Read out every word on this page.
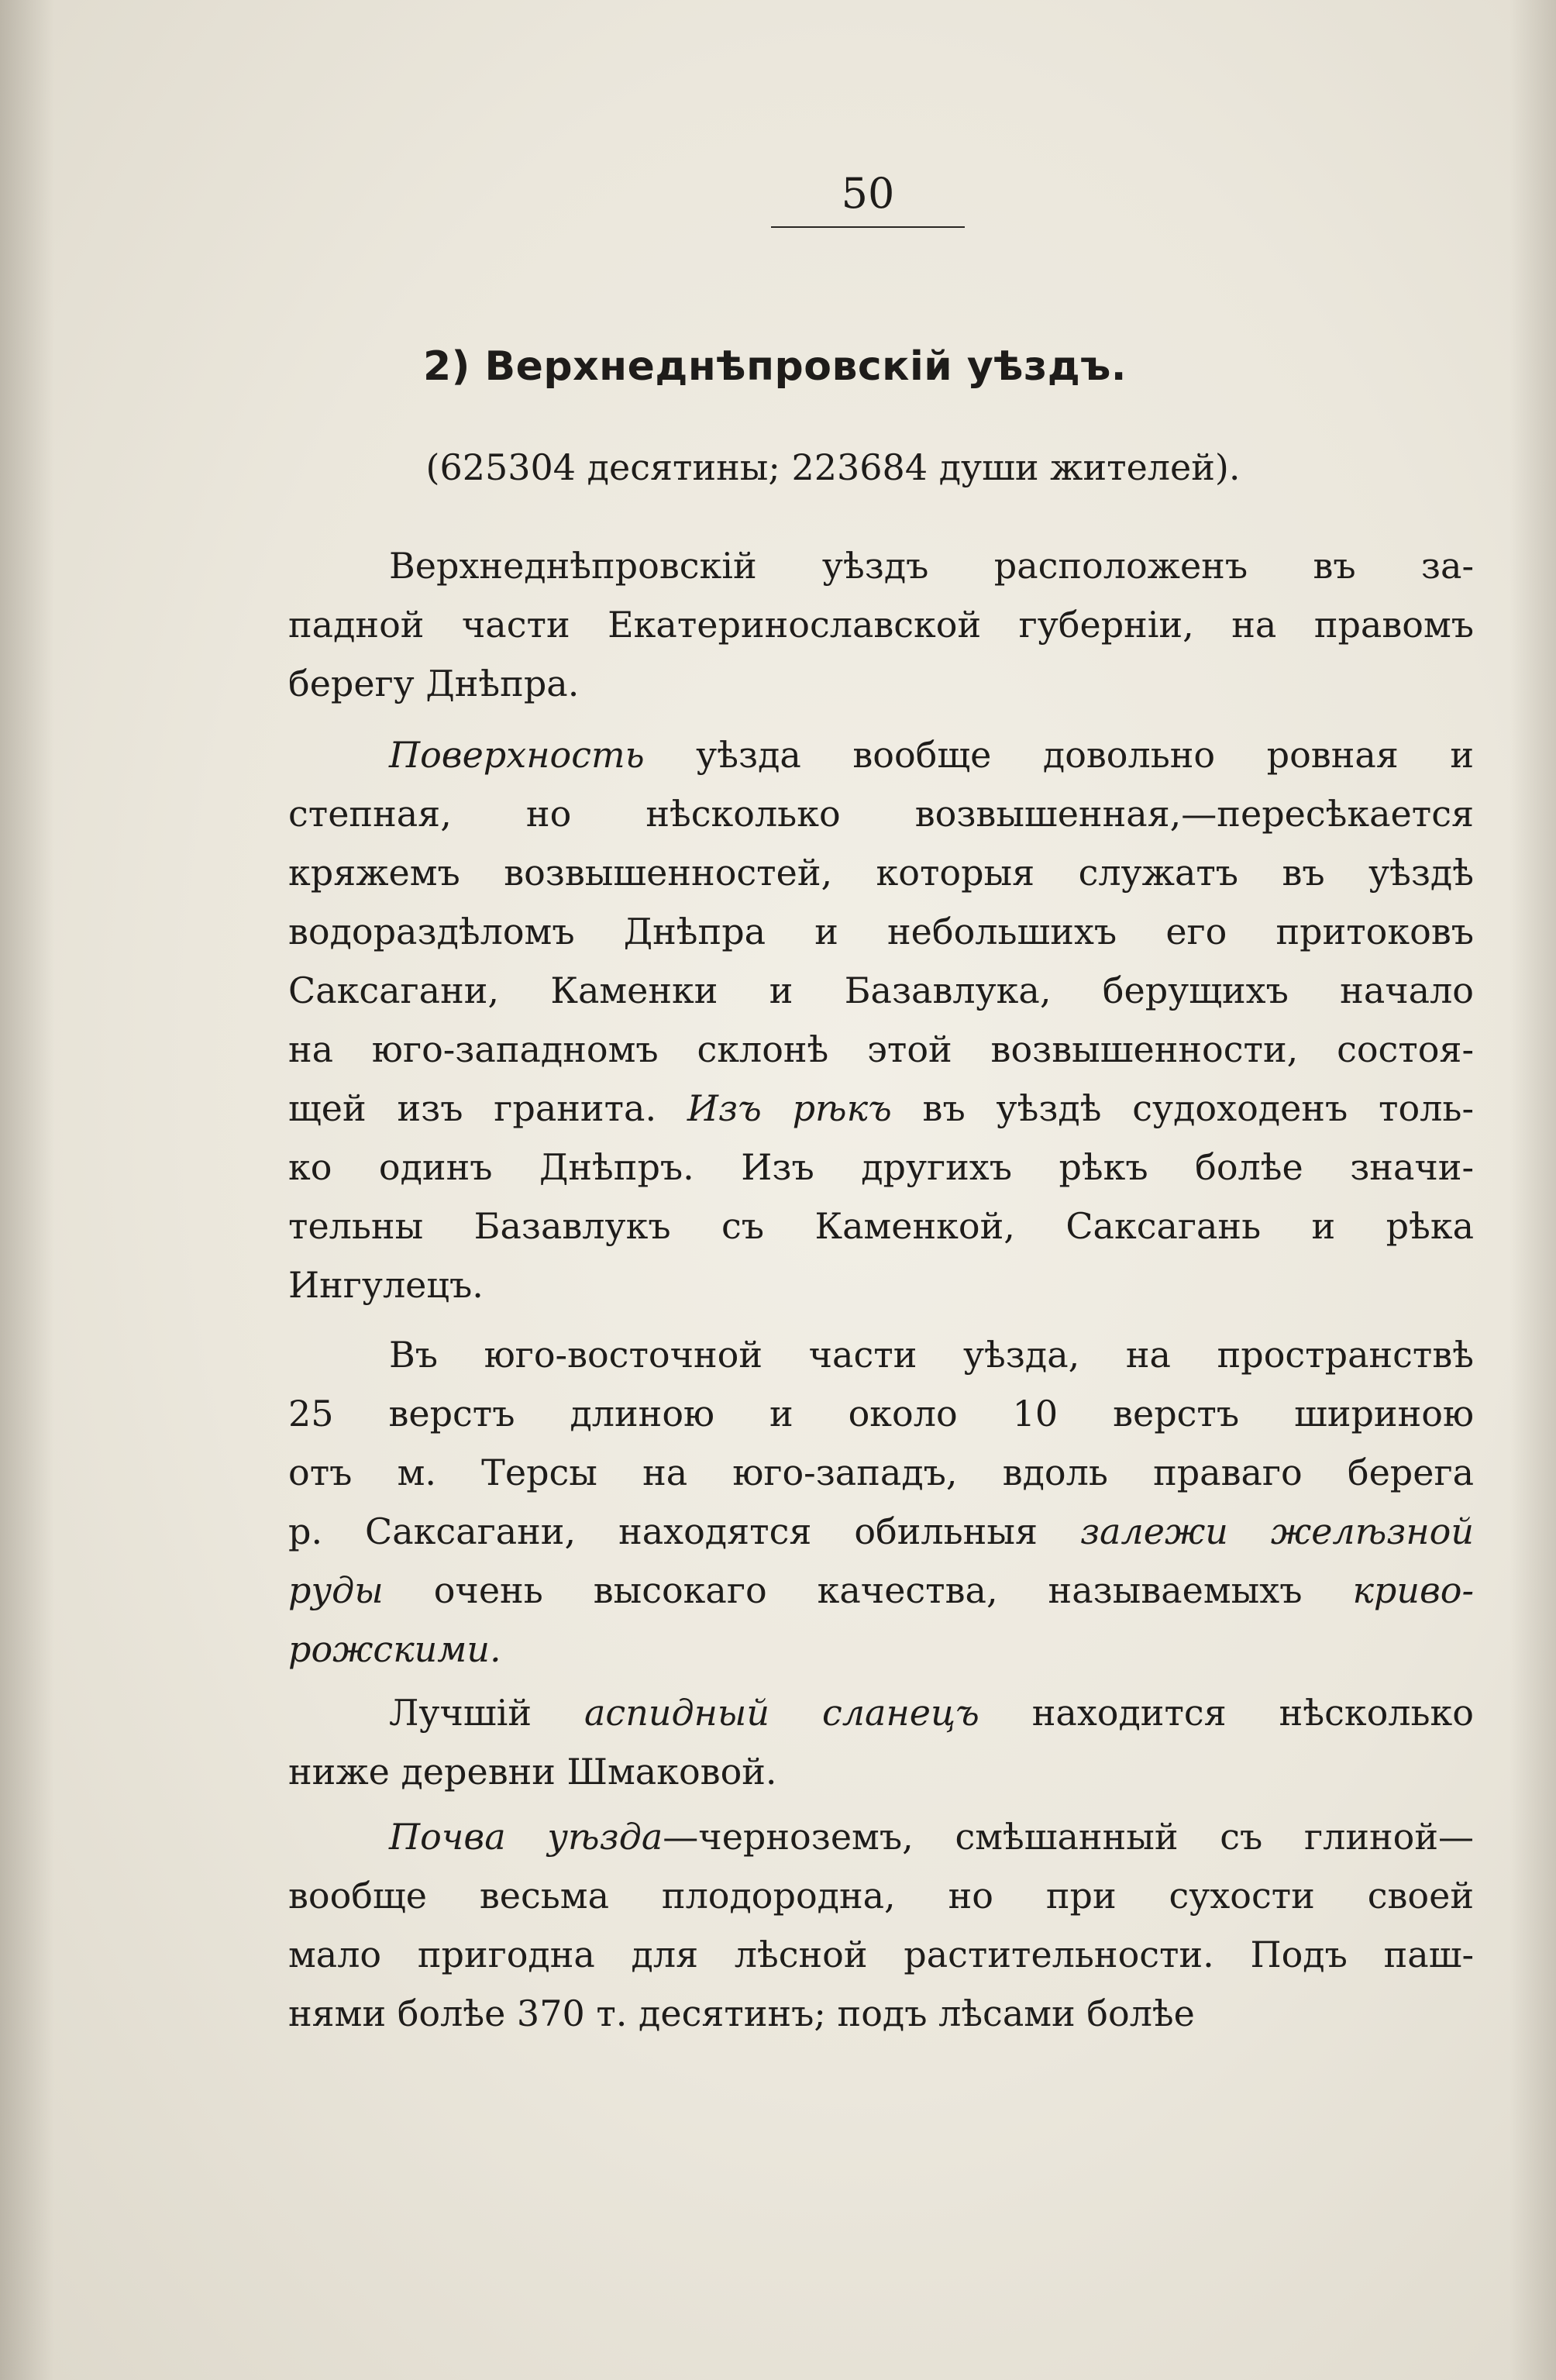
50
2) Верхнеднѣпровскій уѣздъ.
(625304 десятины; 223684 души жителей).
Верхнеднѣпровскій уѣздъ расположенъ въ за-
падной части Екатеринославской губерніи, на правомъ
берегу Днѣпра.
Поверхность уѣзда вообще довольно ровная и
степная, но нѣсколько возвышенная,—пересѣкается
кряжемъ возвышенностей, которыя служатъ въ уѣздѣ
водораздѣломъ Днѣпра и небольшихъ его притоковъ
Саксагани, Каменки и Базавлука, берущихъ начало
на юго-западномъ склонѣ этой возвышенности, состоя-
щей изъ гранита. Изъ рѣкъ въ уѣздѣ судоходенъ толь-
ко одинъ Днѣпръ. Изъ другихъ рѣкъ болѣе значи-
тельны Базавлукъ съ Каменкой, Саксагань и рѣка
Ингулецъ.
Въ юго-восточной части уѣзда, на пространствѣ
25 верстъ длиною и около 10 верстъ шириною
отъ м. Терсы на юго-западъ, вдоль праваго берега
р. Саксагани, находятся обильныя залежи желѣзной
руды очень высокаго качества, называемыхъ криво-
рожскими.
Лучшій аспидный сланецъ находится нѣсколько
ниже деревни Шмаковой.
Почва уѣзда—черноземъ, смѣшанный съ глиной—
вообще весьма плодородна, но при сухости своей
мало пригодна для лѣсной растительности. Подъ паш-
нями болѣе 370 т. десятинъ; подъ лѣсами болѣе
